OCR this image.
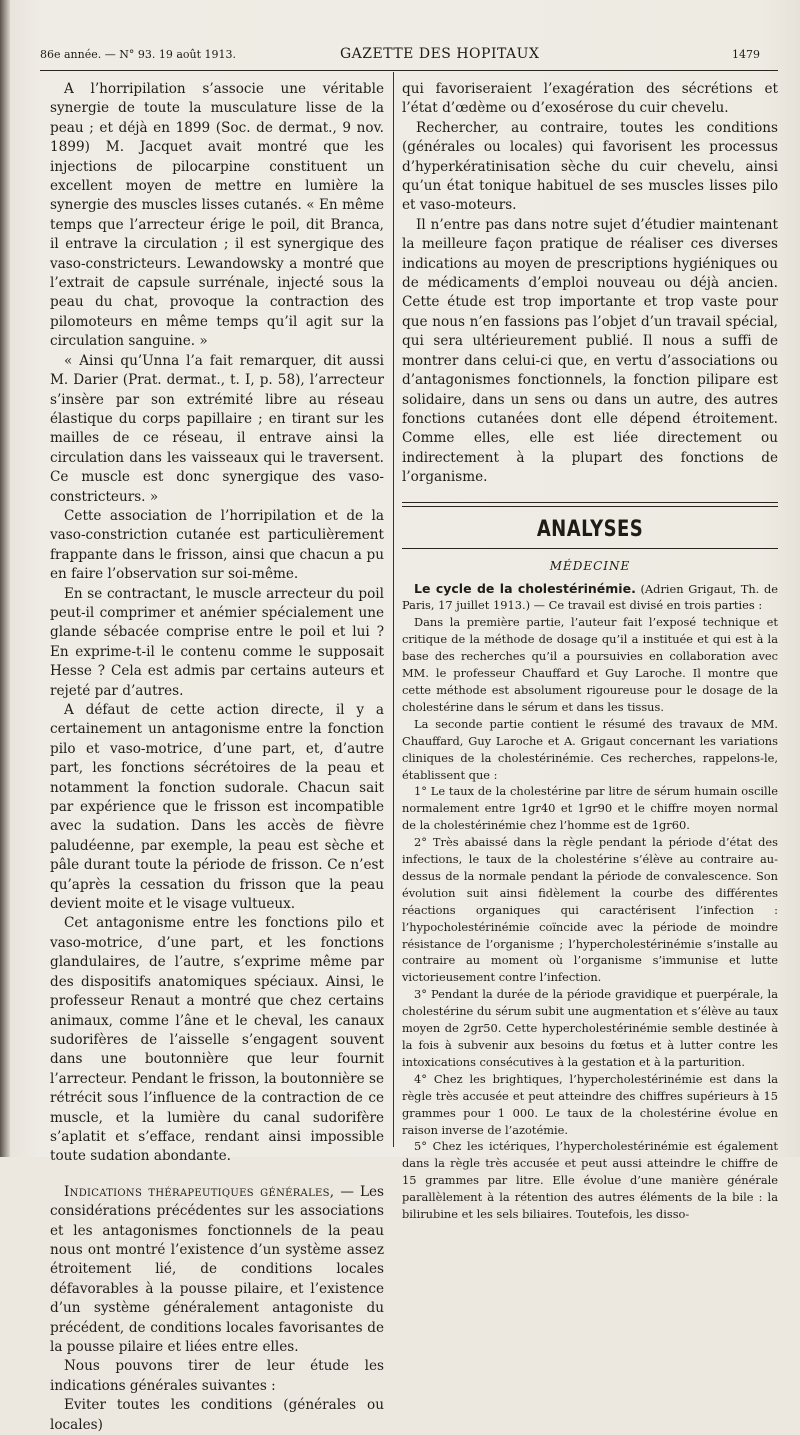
86e année. — N° 93. 19 août 1913.	GAZETTE DES HOPITAUX	1479

A l’horripilation s’associe une véritable synergie de toute la musculature lisse de la peau ; et déjà en 1899 (Soc. de dermat., 9 nov. 1899) M. Jacquet avait montré que les injections de pilocarpine constituent un excellent moyen de mettre en lumière la synergie des muscles lisses cutanés. « En même temps que l’arrecteur érige le poil, dit Branca, il entrave la circulation ; il est synergique des vaso-constricteurs. Lewandowsky a montré que l’extrait de capsule surrénale, injecté sous la peau du chat, provoque la contraction des pilomoteurs en même temps qu’il agit sur la circulation sanguine. »

« Ainsi qu’Unna l’a fait remarquer, dit aussi M. Darier (Prat. dermat., t. I, p. 58), l’arrecteur s’insère par son extrémité libre au réseau élastique du corps papillaire ; en tirant sur les mailles de ce réseau, il entrave ainsi la circulation dans les vaisseaux qui le traversent. Ce muscle est donc synergique des vaso-constricteurs. »

Cette association de l’horripilation et de la vaso-constriction cutanée est particulièrement frappante dans le frisson, ainsi que chacun a pu en faire l’observation sur soi-même.

En se contractant, le muscle arrecteur du poil peut-il comprimer et anémier spécialement une glande sébacée comprise entre le poil et lui ? En exprime-t-il le contenu comme le supposait Hesse ? Cela est admis par certains auteurs et rejeté par d’autres.

A défaut de cette action directe, il y a certainement un antagonisme entre la fonction pilo et vaso-motrice, d’une part, et, d’autre part, les fonctions sécrétoires de la peau et notamment la fonction sudorale. Chacun sait par expérience que le frisson est incompatible avec la sudation. Dans les accès de fièvre paludéenne, par exemple, la peau est sèche et pâle durant toute la période de frisson. Ce n’est qu’après la cessation du frisson que la peau devient moite et le visage vultueux.

Cet antagonisme entre les fonctions pilo et vaso-motrice, d’une part, et les fonctions glandulaires, de l’autre, s’exprime même par des dispositifs anatomiques spéciaux. Ainsi, le professeur Renaut a montré que chez certains animaux, comme l’âne et le cheval, les canaux sudorifères de l’aisselle s’engagent souvent dans une boutonnière que leur fournit l’arrecteur. Pendant le frisson, la boutonnière se rétrécit sous l’influence de la contraction de ce muscle, et la lumière du canal sudorifère s’aplatit et s’efface, rendant ainsi impossible toute sudation abondante.

Indications thérapeutiques générales, — Les considérations précédentes sur les associations et les antagonismes fonctionnels de la peau nous ont montré l’existence d’un système assez étroitement lié, de conditions locales défavorables à la pousse pilaire, et l’existence d’un système généralement antagoniste du précédent, de conditions locales favorisantes de la pousse pilaire et liées entre elles.

Nous pouvons tirer de leur étude les indications générales suivantes :

Eviter toutes les conditions (générales ou locales)

qui favoriseraient l’exagération des sécrétions et l’état d’œdème ou d’exosérose du cuir chevelu.

Rechercher, au contraire, toutes les conditions (générales ou locales) qui favorisent les processus d’hyperkératinisation sèche du cuir chevelu, ainsi qu’un état tonique habituel de ses muscles lisses pilo et vaso-moteurs.

Il n’entre pas dans notre sujet d’étudier maintenant la meilleure façon pratique de réaliser ces diverses indications au moyen de prescriptions hygiéniques ou de médicaments d’emploi nouveau ou déjà ancien. Cette étude est trop importante et trop vaste pour que nous n’en fassions pas l’objet d’un travail spécial, qui sera ultérieurement publié. Il nous a suffi de montrer dans celui-ci que, en vertu d’associations ou d’antagonismes fonctionnels, la fonction pilipare est solidaire, dans un sens ou dans un autre, des autres fonctions cutanées dont elle dépend étroitement. Comme elles, elle est liée directement ou indirectement à la plupart des fonctions de l’organisme.

ANALYSES
MÉDECINE

Le cycle de la cholestérinémie. (Adrien Grigaut, Th. de Paris, 17 juillet 1913.) — Ce travail est divisé en trois parties :

Dans la première partie, l’auteur fait l’exposé technique et critique de la méthode de dosage qu’il a instituée et qui est à la base des recherches qu’il a poursuivies en collaboration avec MM. le professeur Chauffard et Guy Laroche. Il montre que cette méthode est absolument rigoureuse pour le dosage de la cholestérine dans le sérum et dans les tissus.

La seconde partie contient le résumé des travaux de MM. Chauffard, Guy Laroche et A. Grigaut concernant les variations cliniques de la cholestérinémie. Ces recherches, rappelons-le, établissent que :

1° Le taux de la cholestérine par litre de sérum humain oscille normalement entre 1gr40 et 1gr90 et le chiffre moyen normal de la cholestérinémie chez l’homme est de 1gr60.

2° Très abaissé dans la règle pendant la période d’état des infections, le taux de la cholestérine s’élève au contraire au-dessus de la normale pendant la période de convalescence. Son évolution suit ainsi fidèlement la courbe des différentes réactions organiques qui caractérisent l’infection : l’hypocholestérinémie coïncide avec la période de moindre résistance de l’organisme ; l’hypercholestérinémie s’installe au contraire au moment où l’organisme s’immunise et lutte victorieusement contre l’infection.

3° Pendant la durée de la période gravidique et puerpérale, la cholestérine du sérum subit une augmentation et s’élève au taux moyen de 2gr50. Cette hypercholestérinémie semble destinée à la fois à subvenir aux besoins du fœtus et à lutter contre les intoxications consécutives à la gestation et à la parturition.

4° Chez les brightiques, l’hypercholestérinémie est dans la règle très accusée et peut atteindre des chiffres supérieurs à 15 grammes pour 1 000. Le taux de la cholestérine évolue en raison inverse de l’azotémie.

5° Chez les ictériques, l’hypercholestérinémie est également dans la règle très accusée et peut aussi atteindre le chiffre de 15 grammes par litre. Elle évolue d’une manière générale parallèlement à la rétention des autres éléments de la bile : la bilirubine et les sels biliaires. Toutefois, les disso-
